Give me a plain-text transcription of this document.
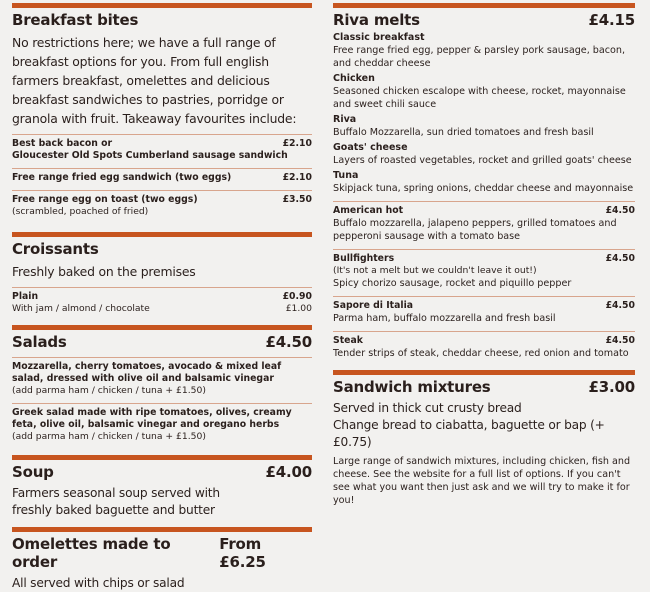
Breakfast bites
No restrictions here; we have a full range of breakfast options for you. From full english farmers breakfast, omelettes and delicious breakfast sandwiches to pastries, porridge or granola with fruit. Takeaway favourites include:
Best back bacon or	£2.10
Gloucester Old Spots Cumberland sausage sandwich
Free range fried egg sandwich (two eggs)	£2.10
Free range egg on toast (two eggs)	£3.50
(scrambled, poached of fried)
Croissants
Freshly baked on the premises
Plain	£0.90
With jam / almond / chocolate	£1.00
Salads	£4.50
Mozzarella, cherry tomatoes, avocado & mixed leaf salad, dressed with olive oil and balsamic vinegar
(add parma ham / chicken / tuna + £1.50)
Greek salad made with ripe tomatoes, olives, creamy feta, olive oil, balsamic vinegar and oregano herbs
(add parma ham / chicken / tuna + £1.50)
Soup	£4.00
Farmers seasonal soup served with freshly baked baguette and butter
Omelettes made to order
From £6.25
All served with chips or salad
Riva melts	£4.15
Classic breakfast
Free range fried egg, pepper & parsley pork sausage, bacon, and cheddar cheese
Chicken
Seasoned chicken escalope with cheese, rocket, mayonnaise and sweet chili sauce
Riva
Buffalo Mozzarella, sun dried tomatoes and fresh basil
Goats' cheese
Layers of roasted vegetables, rocket and grilled goats' cheese
Tuna
Skipjack tuna, spring onions, cheddar cheese and mayonnaise
American hot	£4.50
Buffalo mozzarella, jalapeno peppers, grilled tomatoes and pepperoni sausage with a tomato base
Bullfighters	£4.50
(It's not a melt but we couldn't leave it out!)
Spicy chorizo sausage, rocket and piquillo pepper
Sapore di Italia	£4.50
Parma ham, buffalo mozzarella and fresh basil
Steak	£4.50
Tender strips of steak, cheddar cheese, red onion and tomato
Sandwich mixtures	£3.00
Served in thick cut crusty bread
Change bread to ciabatta, baguette or bap (+£0.75)
Large range of sandwich mixtures, including chicken, fish and cheese. See the website for a full list of options. If you can't see what you want then just ask and we will try to make it for you!
